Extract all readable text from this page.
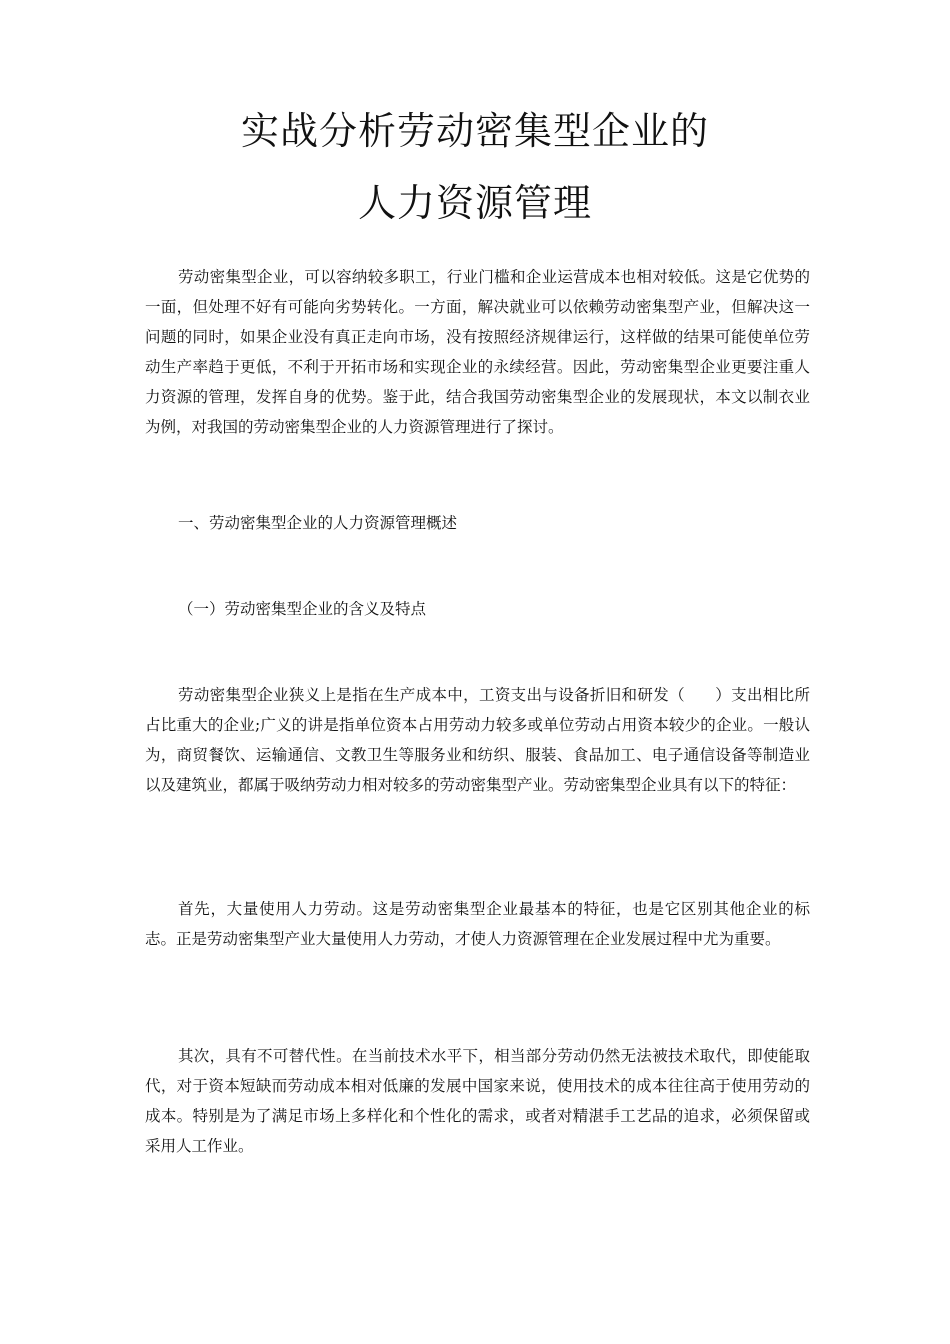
实战分析劳动密集型企业的
人力资源管理

劳动密集型企业，可以容纳较多职工，行业门槛和企业运营成本也相对较低。这是它优势的一面，但处理不好有可能向劣势转化。一方面，解决就业可以依赖劳动密集型产业，但解决这一问题的同时，如果企业没有真正走向市场，没有按照经济规律运行，这样做的结果可能使单位劳动生产率趋于更低，不利于开拓市场和实现企业的永续经营。因此，劳动密集型企业更要注重人力资源的管理，发挥自身的优势。鉴于此，结合我国劳动密集型企业的发展现状，本文以制衣业为例，对我国的劳动密集型企业的人力资源管理进行了探讨。

一、劳动密集型企业的人力资源管理概述

（一）劳动密集型企业的含义及特点

劳动密集型企业狭义上是指在生产成本中，工资支出与设备折旧和研发（ ）支出相比所占比重大的企业;广义的讲是指单位资本占用劳动力较多或单位劳动占用资本较少的企业。一般认为，商贸餐饮、运输通信、文教卫生等服务业和纺织、服装、食品加工、电子通信设备等制造业以及建筑业，都属于吸纳劳动力相对较多的劳动密集型产业。劳动密集型企业具有以下的特征：

首先，大量使用人力劳动。这是劳动密集型企业最基本的特征，也是它区别其他企业的标志。正是劳动密集型产业大量使用人力劳动，才使人力资源管理在企业发展过程中尤为重要。

其次，具有不可替代性。在当前技术水平下，相当部分劳动仍然无法被技术取代，即使能取代，对于资本短缺而劳动成本相对低廉的发展中国家来说，使用技术的成本往往高于使用劳动的成本。特别是为了满足市场上多样化和个性化的需求，或者对精湛手工艺品的追求，必须保留或采用人工作业。
